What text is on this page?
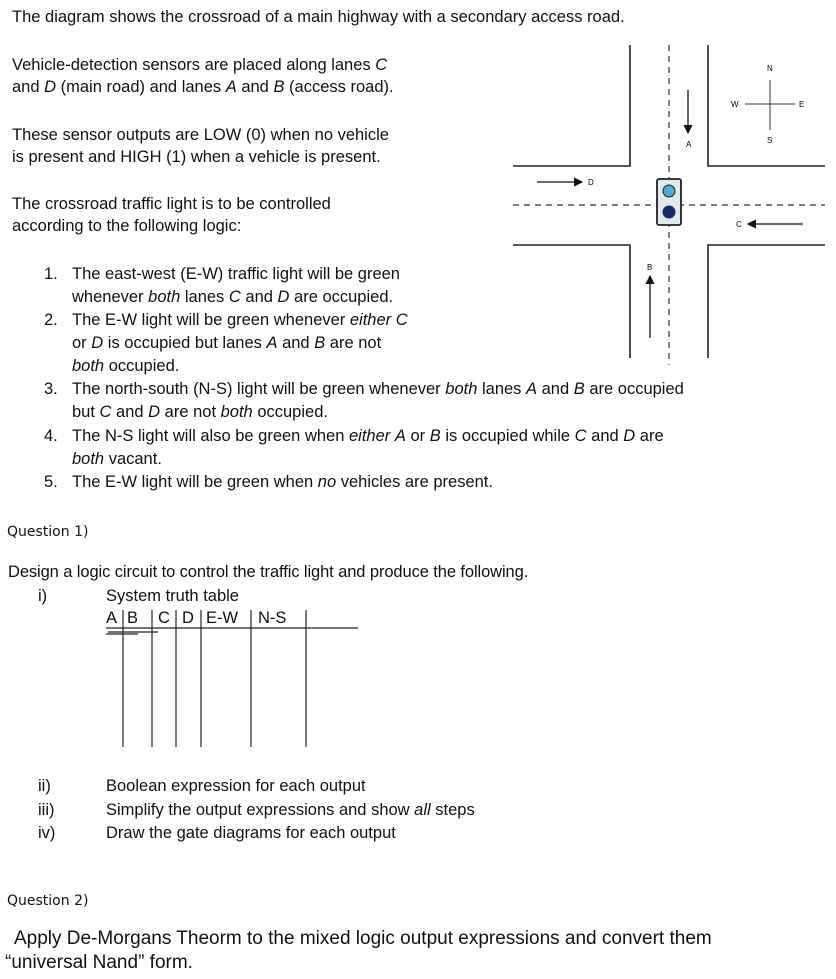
The diagram shows the crossroad of a main highway with a secondary access road.
Vehicle-detection sensors are placed along lanes C
and D (main road) and lanes A and B (access road).
These sensor outputs are LOW (0) when no vehicle
is present and HIGH (1) when a vehicle is present.
The crossroad traffic light is to be controlled
according to the following logic:
1. The east-west (E-W) traffic light will be green
whenever both lanes C and D are occupied.
2. The E-W light will be green whenever either C
or D is occupied but lanes A and B are not
both occupied.
3. The north-south (N-S) light will be green whenever both lanes A and B are occupied
but C and D are not both occupied.
4. The N-S light will also be green when either A or B is occupied while C and D are
both vacant.
5. The E-W light will be green when no vehicles are present.
A
B
C
D
N
S
W	E
Question 1)
Design a logic circuit to control the traffic light and produce the following.
i)	System truth table
A B C D E-W N-S
ii)	Boolean expression for each output
iii)	Simplify the output expressions and show all steps
iv)	Draw the gate diagrams for each output
Question 2)
Apply De-Morgans Theorm to the mixed logic output expressions and convert them
“universal Nand” form.
